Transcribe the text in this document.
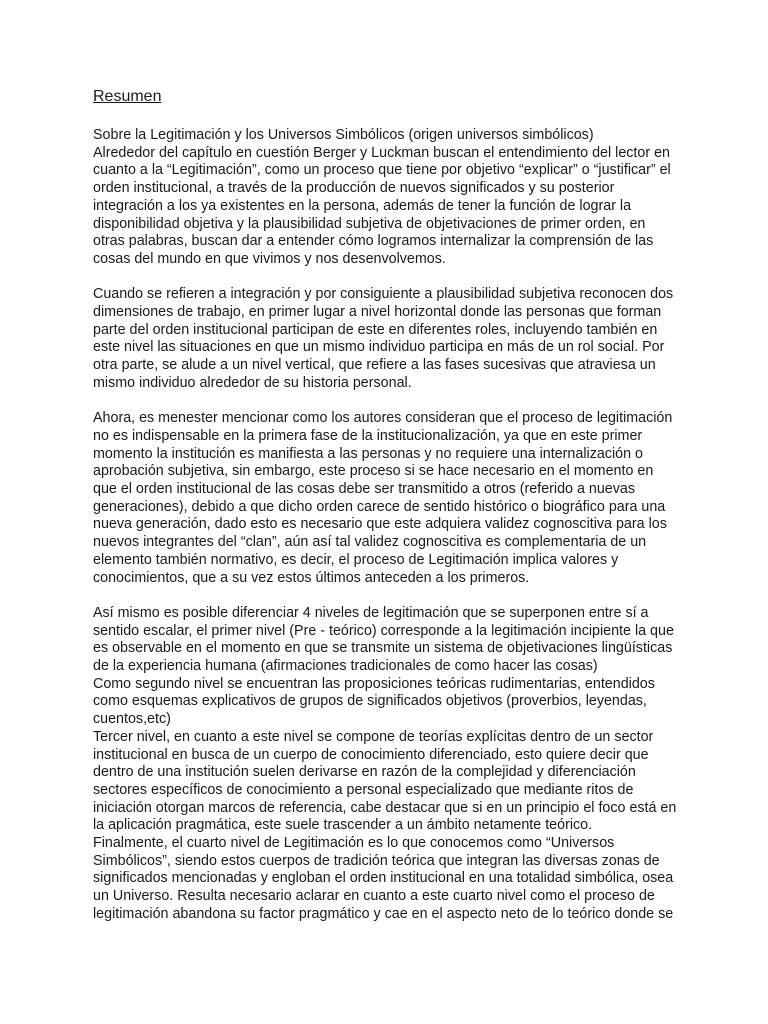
Resumen
Sobre la Legitimación y los Universos Simbólicos (origen universos simbólicos)
Alrededor del capítulo en cuestión Berger y Luckman buscan el entendimiento del lector en
cuanto a la “Legitimación”, como un proceso que tiene por objetivo “explicar” o “justificar” el
orden institucional, a través de la producción de nuevos significados y su posterior
integración a los ya existentes en la persona, además de tener la función de lograr la
disponibilidad objetiva y la plausibilidad subjetiva de objetivaciones de primer orden, en
otras palabras, buscan dar a entender cómo logramos internalizar la comprensión de las
cosas del mundo en que vivimos y nos desenvolvemos.
Cuando se refieren a integración y por consiguiente a plausibilidad subjetiva reconocen dos
dimensiones de trabajo, en primer lugar a nivel horizontal donde las personas que forman
parte del orden institucional participan de este en diferentes roles, incluyendo también en
este nivel las situaciones en que un mismo individuo participa en más de un rol social. Por
otra parte, se alude a un nivel vertical, que refiere a las fases sucesivas que atraviesa un
mismo individuo alrededor de su historia personal.
Ahora, es menester mencionar como los autores consideran que el proceso de legitimación
no es indispensable en la primera fase de la institucionalización, ya que en este primer
momento la institución es manifiesta a las personas y no requiere una internalización o
aprobación subjetiva, sin embargo, este proceso si se hace necesario en el momento en
que el orden institucional de las cosas debe ser transmitido a otros (referido a nuevas
generaciones), debido a que dicho orden carece de sentido histórico o biográfico para una
nueva generación, dado esto es necesario que este adquiera validez cognoscitiva para los
nuevos integrantes del “clan”, aún así tal validez cognoscitiva es complementaria de un
elemento también normativo, es decir, el proceso de Legitimación implica valores y
conocimientos, que a su vez estos últimos anteceden a los primeros.
Así mismo es posible diferenciar 4 niveles de legitimación que se superponen entre sí a
sentido escalar, el primer nivel (Pre - teórico) corresponde a la legitimación incipiente la que
es observable en el momento en que se transmite un sistema de objetivaciones lingüísticas
de la experiencia humana (afirmaciones tradicionales de como hacer las cosas)
Como segundo nivel se encuentran las proposiciones teóricas rudimentarias, entendidos
como esquemas explicativos de grupos de significados objetivos (proverbios, leyendas,
cuentos,etc)
Tercer nivel, en cuanto a este nivel se compone de teorías explícitas dentro de un sector
institucional en busca de un cuerpo de conocimiento diferenciado, esto quiere decir que
dentro de una institución suelen derivarse en razón de la complejidad y diferenciación
sectores específicos de conocimiento a personal especializado que mediante ritos de
iniciación otorgan marcos de referencia, cabe destacar que si en un principio el foco está en
la aplicación pragmática, este suele trascender a un ámbito netamente teórico.
Finalmente, el cuarto nivel de Legitimación es lo que conocemos como “Universos
Simbólicos”, siendo estos cuerpos de tradición teórica que integran las diversas zonas de
significados mencionadas y engloban el orden institucional en una totalidad simbólica, osea
un Universo. Resulta necesario aclarar en cuanto a este cuarto nivel como el proceso de
legitimación abandona su factor pragmático y cae en el aspecto neto de lo teórico donde se
